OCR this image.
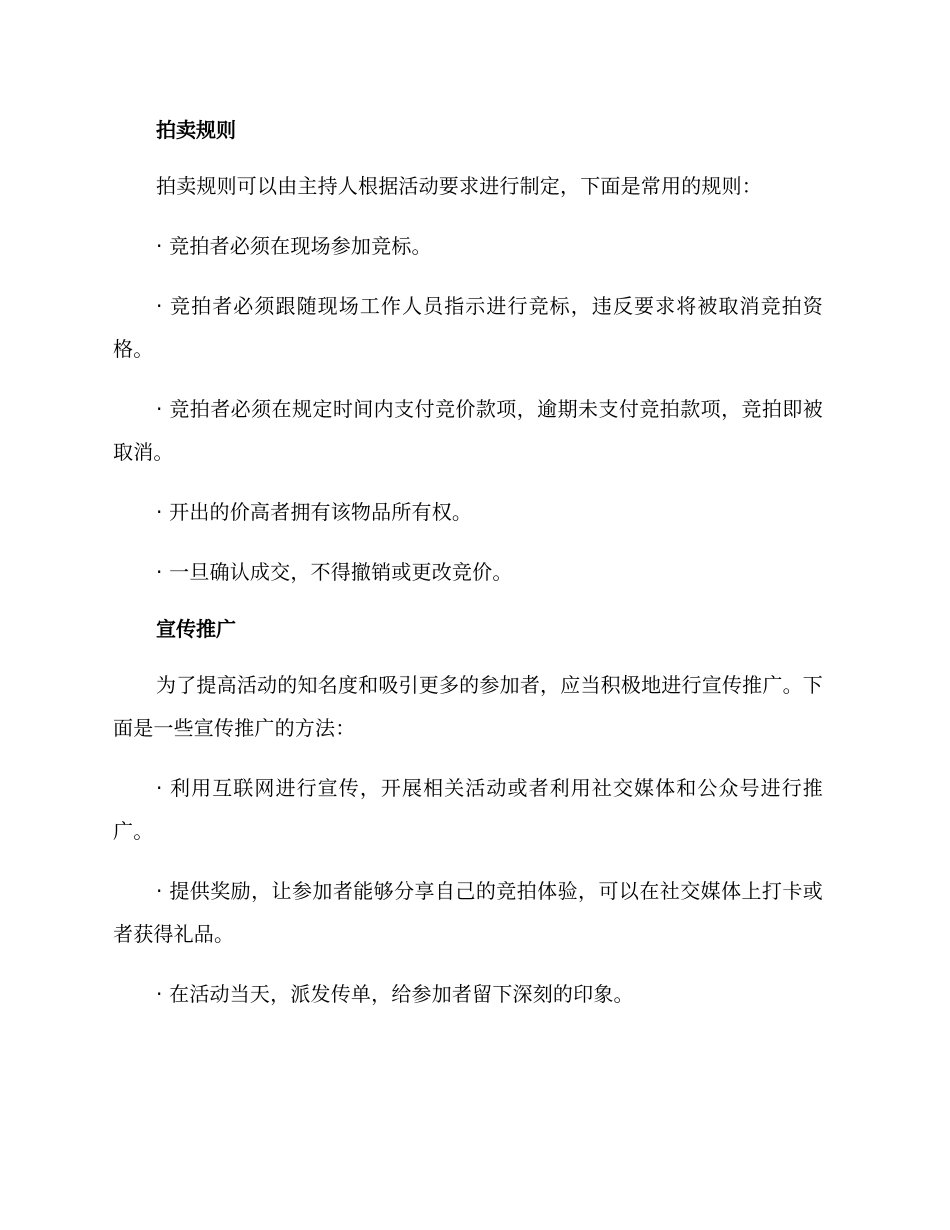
拍卖规则

拍卖规则可以由主持人根据活动要求进行制定，下面是常用的规则：

· 竞拍者必须在现场参加竞标。

· 竞拍者必须跟随现场工作人员指示进行竞标，违反要求将被取消竞拍资格。

· 竞拍者必须在规定时间内支付竞价款项，逾期未支付竞拍款项，竞拍即被取消。

· 开出的价高者拥有该物品所有权。

· 一旦确认成交，不得撤销或更改竞价。

宣传推广

为了提高活动的知名度和吸引更多的参加者，应当积极地进行宣传推广。下面是一些宣传推广的方法：

· 利用互联网进行宣传，开展相关活动或者利用社交媒体和公众号进行推广。

· 提供奖励，让参加者能够分享自己的竞拍体验，可以在社交媒体上打卡或者获得礼品。

· 在活动当天，派发传单，给参加者留下深刻的印象。
